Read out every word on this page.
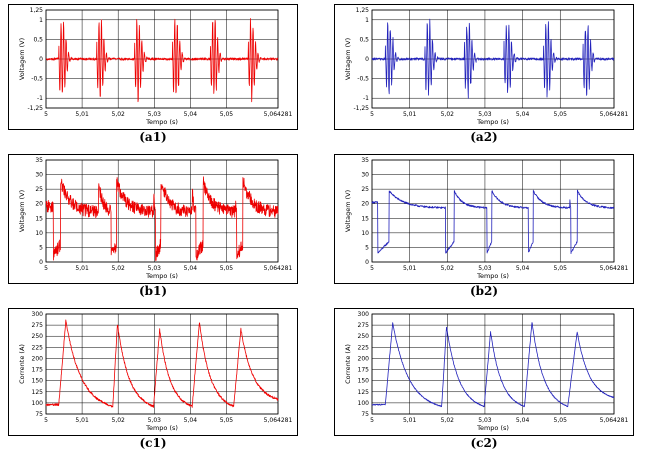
5	5,01	5,02	5,03	5,04	5,05	5,064281
1,25
1
0,5
0
-0,5
-1
-1,25
Tempo (s)
Voltagem (V)
(a1)
5	5,01	5,02	5,03	5,04	5,05	5,064281
1,25
1
0,5
0
-0,5
-1
-1,25
Tempo (s)
Voltagem (V)
(a2)
5	5,01	5,02	5,03	5,04	5,05	5,064281
35
30
25
20
15
10
5
0
Tempo (s)
Voltagem (V)
(b1)
5	5,01	5,02	5,03	5,04	5,05	5,064281
35
30
25
20
15
10
5
0
Tempo (s)
Voltagem (V)
(b2)
5	5,01	5,02	5,03	5,04	5,05	5,064281
300
275
250
225
200
175
150
125
100
75
Tempo (s)
Corrente (A)
(c1)
5	5,01	5,02	5,03	5,04	5,05	5,064281
300
275
250
225
200
175
150
125
100
75
Tempo (s)
Corrente (A)
(c2)
